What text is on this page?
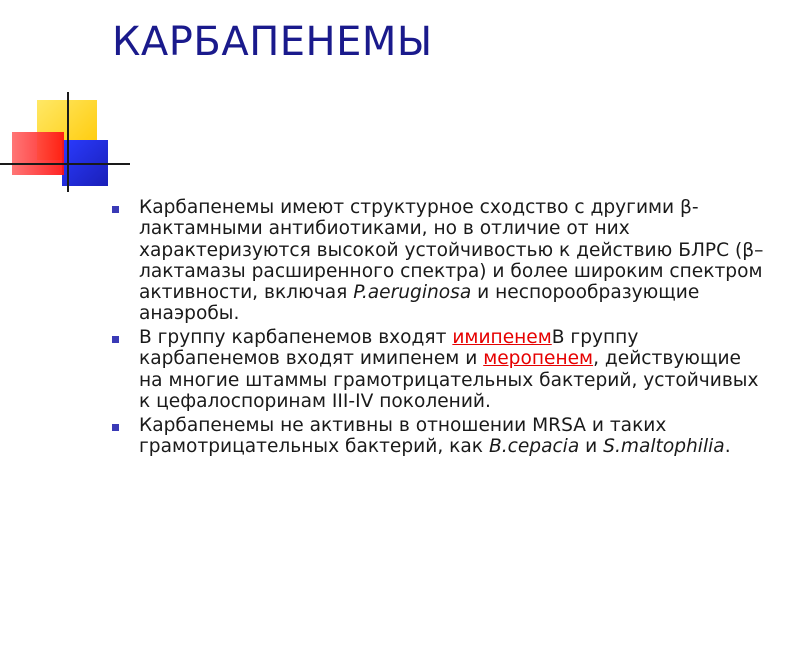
КАРБАПЕНЕМЫ
Карбапенемы имеют структурное сходство с другими β-лактамными антибиотиками, но в отличие от них характеризуются высокой устойчивостью к действию БЛРС (β–лактамазы расширенного спектра) и более широким спектром активности, включая P.aeruginosa и неспорообразующие анаэробы.
В группу карбапенемов входят имипенемВ группу карбапенемов входят имипенем и меропенем, действующие на многие штаммы грамотрицательных бактерий, устойчивых к цефалоспоринам III-IV поколений.
Карбапенемы не активны в отношении MRSA и таких грамотрицательных бактерий, как B.cepacia и S.maltophilia.
